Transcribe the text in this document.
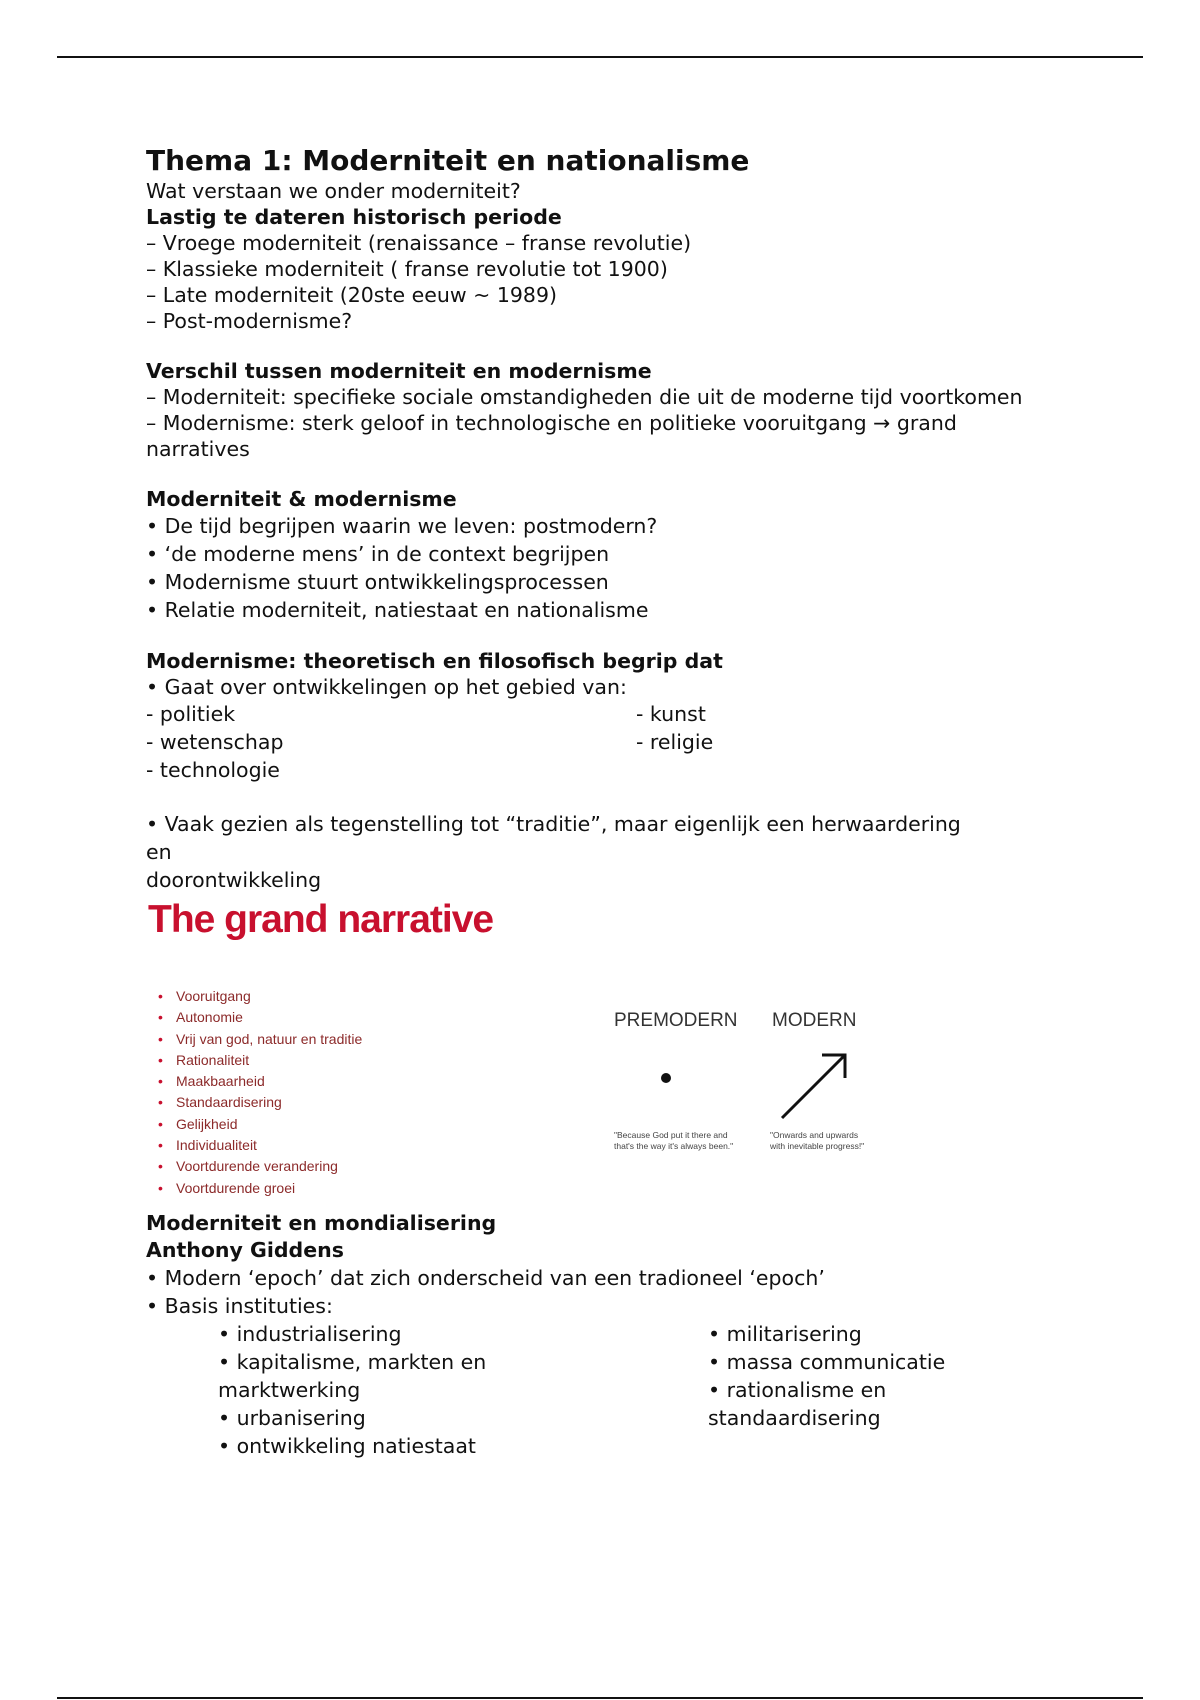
Thema 1: Moderniteit en nationalisme
Wat verstaan we onder moderniteit?
Lastig te dateren historisch periode
– Vroege moderniteit (renaissance – franse revolutie)
– Klassieke moderniteit ( franse revolutie tot 1900)
– Late moderniteit (20ste eeuw ~ 1989)
– Post-modernisme?
Verschil tussen moderniteit en modernisme
– Moderniteit: specifieke sociale omstandigheden die uit de moderne tijd voortkomen
– Modernisme: sterk geloof in technologische en politieke vooruitgang → grand narratives
Moderniteit & modernisme
• De tijd begrijpen waarin we leven: postmodern?
• ‘de moderne mens’ in de context begrijpen
• Modernisme stuurt ontwikkelingsprocessen
• Relatie moderniteit, natiestaat en nationalisme
Modernisme: theoretisch en filosofisch begrip dat
• Gaat over ontwikkelingen op het gebied van:
- politiek
- wetenschap
- technologie
- kunst
- religie
• Vaak gezien als tegenstelling tot “traditie”, maar eigenlijk een herwaardering
en
doorontwikkeling
The grand narrative
• Vooruitgang
• Autonomie
• Vrij van god, natuur en traditie
• Rationaliteit
• Maakbaarheid
• Standaardisering
• Gelijkheid
• Individualiteit
• Voortdurende verandering
• Voortdurende groei
PREMODERN MODERN
"Because God put it there and
that's the way it's always been."
"Onwards and upwards
with inevitable progress!"
Moderniteit en mondialisering
Anthony Giddens
• Modern ‘epoch’ dat zich onderscheid van een tradioneel ‘epoch’
• Basis instituties:
• industrialisering
• kapitalisme, markten en
marktwerking
• urbanisering
• ontwikkeling natiestaat
• militarisering
• massa communicatie
• rationalisme en
standaardisering
